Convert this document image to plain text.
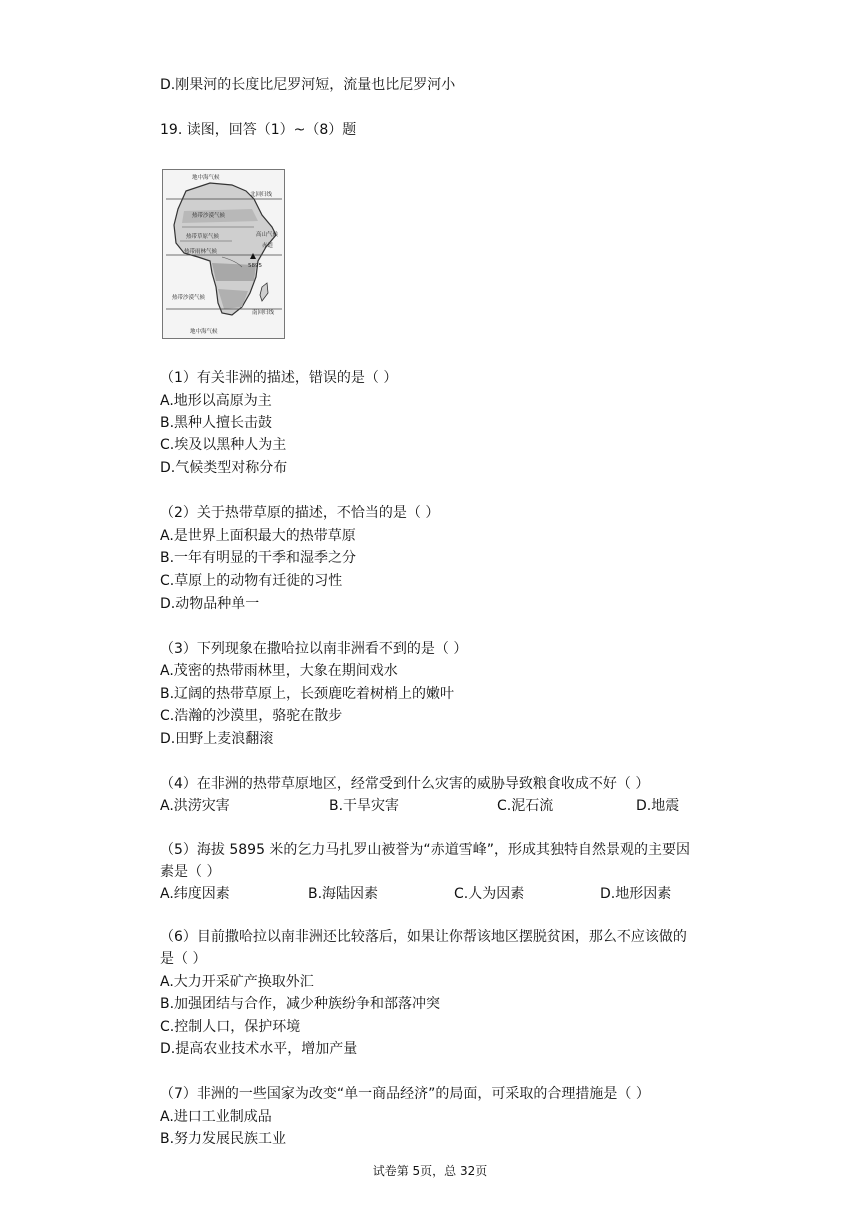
D.刚果河的长度比尼罗河短，流量也比尼罗河小
19. 读图，回答（1）~（8）题
地中海气候
北回归线
热带沙漠气候
热带草原气候	高山气候
赤道
热带雨林气候
5895
热带沙漠气候
南回归线
地中海气候
（1）有关非洲的描述，错误的是（ ）
A.地形以高原为主
B.黑种人擅长击鼓
C.埃及以黑种人为主
D.气候类型对称分布
（2）关于热带草原的描述，不恰当的是（ ）
A.是世界上面积最大的热带草原
B.一年有明显的干季和湿季之分
C.草原上的动物有迁徙的习性
D.动物品种单一
（3）下列现象在撒哈拉以南非洲看不到的是（ ）
A.茂密的热带雨林里，大象在期间戏水
B.辽阔的热带草原上，长颈鹿吃着树梢上的嫩叶
C.浩瀚的沙漠里，骆驼在散步
D.田野上麦浪翻滚
（4）在非洲的热带草原地区，经常受到什么灾害的威胁导致粮食收成不好（ ）
A.洪涝灾害	B.干旱灾害	C.泥石流	D.地震
（5）海拔 5895 米的乞力马扎罗山被誉为“赤道雪峰”，形成其独特自然景观的主要因
素是（ ）
A.纬度因素	B.海陆因素	C.人为因素	D.地形因素
（6）目前撒哈拉以南非洲还比较落后，如果让你帮该地区摆脱贫困，那么不应该做的
是（ ）
A.大力开采矿产换取外汇
B.加强团结与合作，减少种族纷争和部落冲突
C.控制人口，保护环境
D.提高农业技术水平，增加产量
（7）非洲的一些国家为改变“单一商品经济”的局面，可采取的合理措施是（ ）
A.进口工业制成品
B.努力发展民族工业
试卷第 5页，总 32页
